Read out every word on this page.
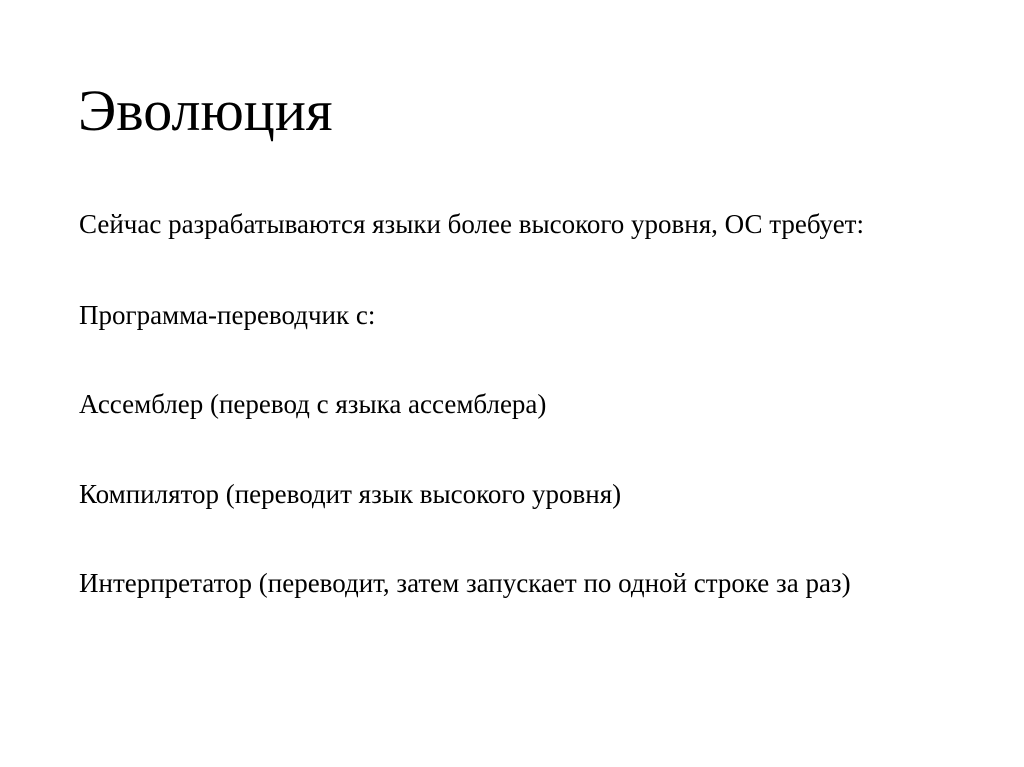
Эволюция

Сейчас разрабатываются языки более высокого уровня, ОС требует:

Программа-переводчик с:

Ассемблер (перевод с языка ассемблера)

Компилятор (переводит язык высокого уровня)

Интерпретатор (переводит, затем запускает по одной строке за раз)
